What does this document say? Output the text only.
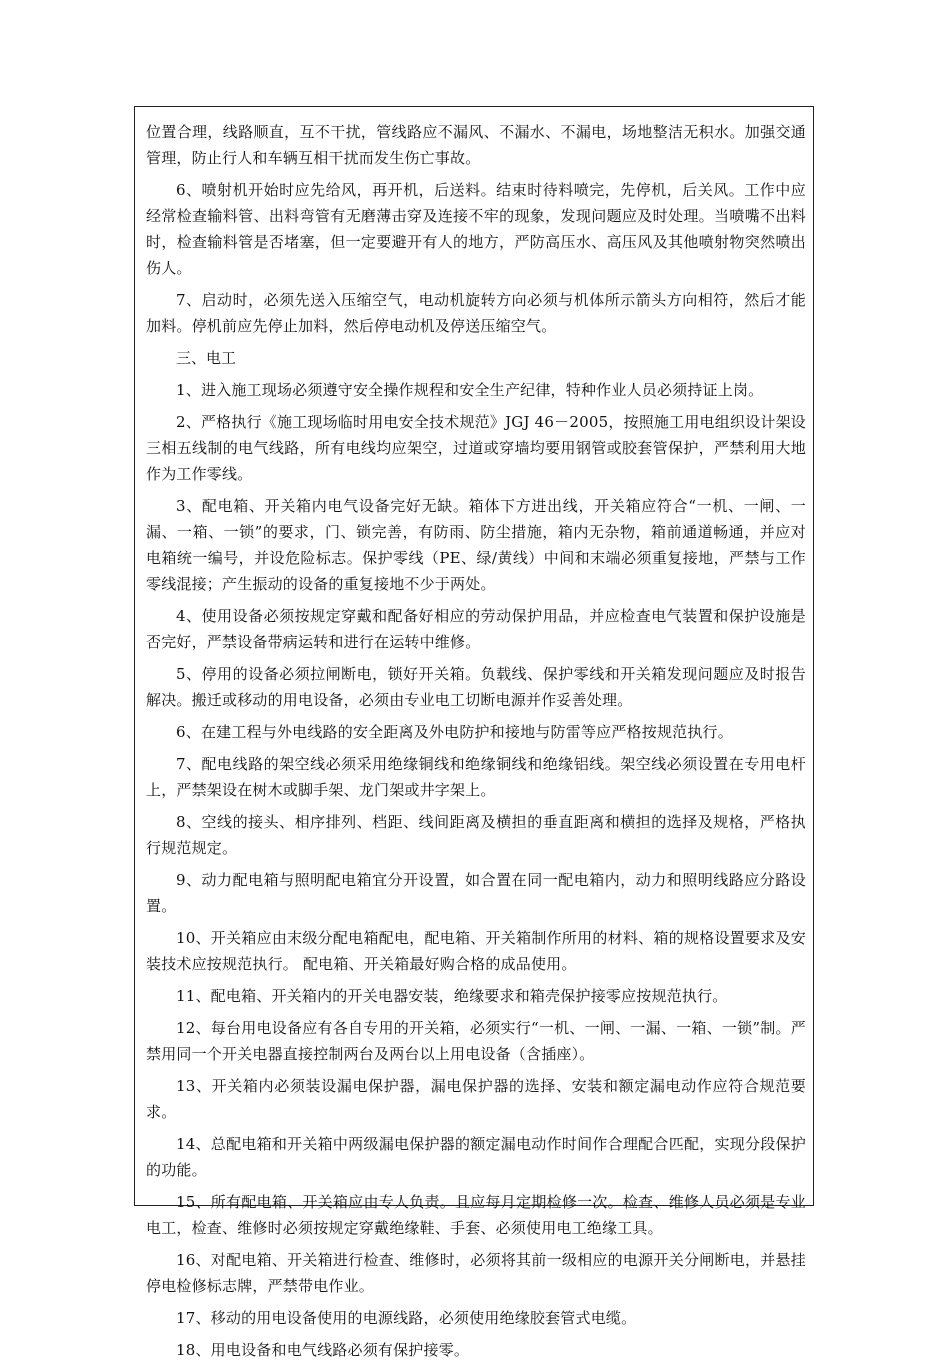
位置合理，线路顺直，互不干扰，管线路应不漏风、不漏水、不漏电，场地整洁无积水。加强交通管理，防止行人和车辆互相干扰而发生伤亡事故。

6、喷射机开始时应先给风，再开机，后送料。结束时待料喷完，先停机，后关风。工作中应经常检查输料管、出料弯管有无磨薄击穿及连接不牢的现象，发现问题应及时处理。当喷嘴不出料时，检查输料管是否堵塞，但一定要避开有人的地方，严防高压水、高压风及其他喷射物突然喷出伤人。

7、启动时，必须先送入压缩空气，电动机旋转方向必须与机体所示箭头方向相符，然后才能加料。停机前应先停止加料，然后停电动机及停送压缩空气。

三、电工

1、进入施工现场必须遵守安全操作规程和安全生产纪律，特种作业人员必须持证上岗。

2、严格执行《施工现场临时用电安全技术规范》JGJ 46－2005，按照施工用电组织设计架设三相五线制的电气线路，所有电线均应架空，过道或穿墙均要用钢管或胶套管保护，严禁利用大地作为工作零线。

3、配电箱、开关箱内电气设备完好无缺。箱体下方进出线，开关箱应符合“一机、一闸、一漏、一箱、一锁”的要求，门、锁完善，有防雨、防尘措施，箱内无杂物，箱前通道畅通，并应对电箱统一编号，并设危险标志。保护零线（PE、绿/黄线）中间和末端必须重复接地，严禁与工作零线混接；产生振动的设备的重复接地不少于两处。

4、使用设备必须按规定穿戴和配备好相应的劳动保护用品，并应检查电气装置和保护设施是否完好，严禁设备带病运转和进行在运转中维修。

5、停用的设备必须拉闸断电，锁好开关箱。负载线、保护零线和开关箱发现问题应及时报告解决。搬迁或移动的用电设备，必须由专业电工切断电源并作妥善处理。

6、在建工程与外电线路的安全距离及外电防护和接地与防雷等应严格按规范执行。

7、配电线路的架空线必须采用绝缘铜线和绝缘铜线和绝缘铝线。架空线必须设置在专用电杆上，严禁架设在树木或脚手架、龙门架或井字架上。

8、空线的接头、相序排列、档距、线间距离及横担的垂直距离和横担的选择及规格，严格执行规范规定。

9、动力配电箱与照明配电箱宜分开设置，如合置在同一配电箱内，动力和照明线路应分路设置。

10、开关箱应由末级分配电箱配电，配电箱、开关箱制作所用的材料、箱的规格设置要求及安装技术应按规范执行。 配电箱、开关箱最好购合格的成品使用。

11、配电箱、开关箱内的开关电器安装，绝缘要求和箱壳保护接零应按规范执行。

12、每台用电设备应有各自专用的开关箱，必须实行“一机、一闸、一漏、一箱、一锁”制。严禁用同一个开关电器直接控制两台及两台以上用电设备（含插座）。

13、开关箱内必须装设漏电保护器，漏电保护器的选择、安装和额定漏电动作应符合规范要求。

14、总配电箱和开关箱中两级漏电保护器的额定漏电动作时间作合理配合匹配，实现分段保护的功能。

15、所有配电箱、开关箱应由专人负责。且应每月定期检修一次。检查、维修人员必须是专业电工，检查、维修时必须按规定穿戴绝缘鞋、手套、必须使用电工绝缘工具。

16、对配电箱、开关箱进行检查、维修时，必须将其前一级相应的电源开关分闸断电，并悬挂停电检修标志牌，严禁带电作业。

17、移动的用电设备使用的电源线路，必须使用绝缘胶套管式电缆。

18、用电设备和电气线路必须有保护接零。
